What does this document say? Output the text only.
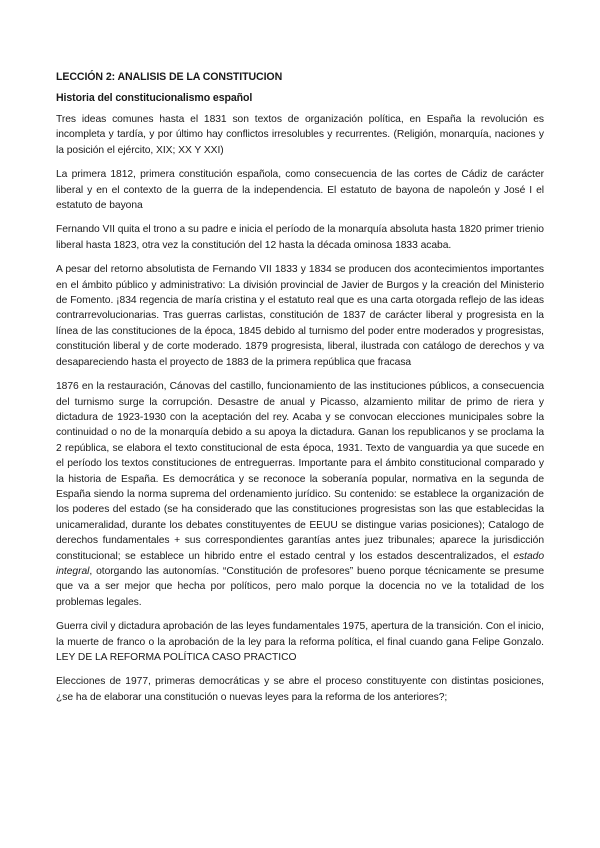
LECCIÓN 2: ANALISIS DE LA CONSTITUCION
Historia del constitucionalismo español

Tres ideas comunes hasta el 1831 son textos de organización política, en España la revolución es incompleta y tardía, y por último hay conflictos irresolubles y recurrentes. (Religión, monarquía, naciones y la posición el ejército, XIX; XX Y XXI)

La primera 1812, primera constitución española, como consecuencia de las cortes de Cádiz de carácter liberal y en el contexto de la guerra de la independencia. El estatuto de bayona de napoleón y José I el estatuto de bayona

Fernando VII quita el trono a su padre e inicia el período de la monarquía absoluta hasta 1820 primer trienio liberal hasta 1823, otra vez la constitución del 12 hasta la década ominosa 1833 acaba.

A pesar del retorno absolutista de Fernando VII 1833 y 1834 se producen dos acontecimientos importantes en el ámbito público y administrativo: La división provincial de Javier de Burgos y la creación del Ministerio de Fomento. ¡834 regencia de maría cristina y el estatuto real que es una carta otorgada reflejo de las ideas contrarrevolucionarias. Tras guerras carlistas, constitución de 1837 de carácter liberal y progresista en la línea de las constituciones de la época, 1845 debido al turnismo del poder entre moderados y progresistas, constitución liberal y de corte moderado. 1879 progresista, liberal, ilustrada con catálogo de derechos y va desapareciendo hasta el proyecto de 1883 de la primera república que fracasa

1876 en la restauración, Cánovas del castillo, funcionamiento de las instituciones públicos, a consecuencia del turnismo surge la corrupción. Desastre de anual y Picasso, alzamiento militar de primo de riera y dictadura de 1923-1930 con la aceptación del rey. Acaba y se convocan elecciones municipales sobre la continuidad o no de la monarquía debido a su apoya la dictadura. Ganan los republicanos y se proclama la 2 república, se elabora el texto constitucional de esta época, 1931. Texto de vanguardia ya que sucede en el período los textos constituciones de entreguerras. Importante para el ámbito constitucional comparado y la historia de España. Es democrática y se reconoce la soberanía popular, normativa en la segunda de España siendo la norma suprema del ordenamiento jurídico. Su contenido: se establece la organización de los poderes del estado (se ha considerado que las constituciones progresistas son las que establecidas la unicameralidad, durante los debates constituyentes de EEUU se distingue varias posiciones); Catalogo de derechos fundamentales + sus correspondientes garantías antes juez tribunales; aparece la jurisdicción constitucional; se establece un hibrido entre el estado central y los estados descentralizados, el estado integral, otorgando las autonomías. “Constitución de profesores” bueno porque técnicamente se presume que va a ser mejor que hecha por políticos, pero malo porque la docencia no ve la totalidad de los problemas legales.

Guerra civil y dictadura aprobación de las leyes fundamentales 1975, apertura de la transición. Con el inicio, la muerte de franco o la aprobación de la ley para la reforma política, el final cuando gana Felipe Gonzalo. LEY DE LA REFORMA POLÍTICA CASO PRACTICO

Elecciones de 1977, primeras democráticas y se abre el proceso constituyente con distintas posiciones, ¿se ha de elaborar una constitución o nuevas leyes para la reforma de los anteriores?;
